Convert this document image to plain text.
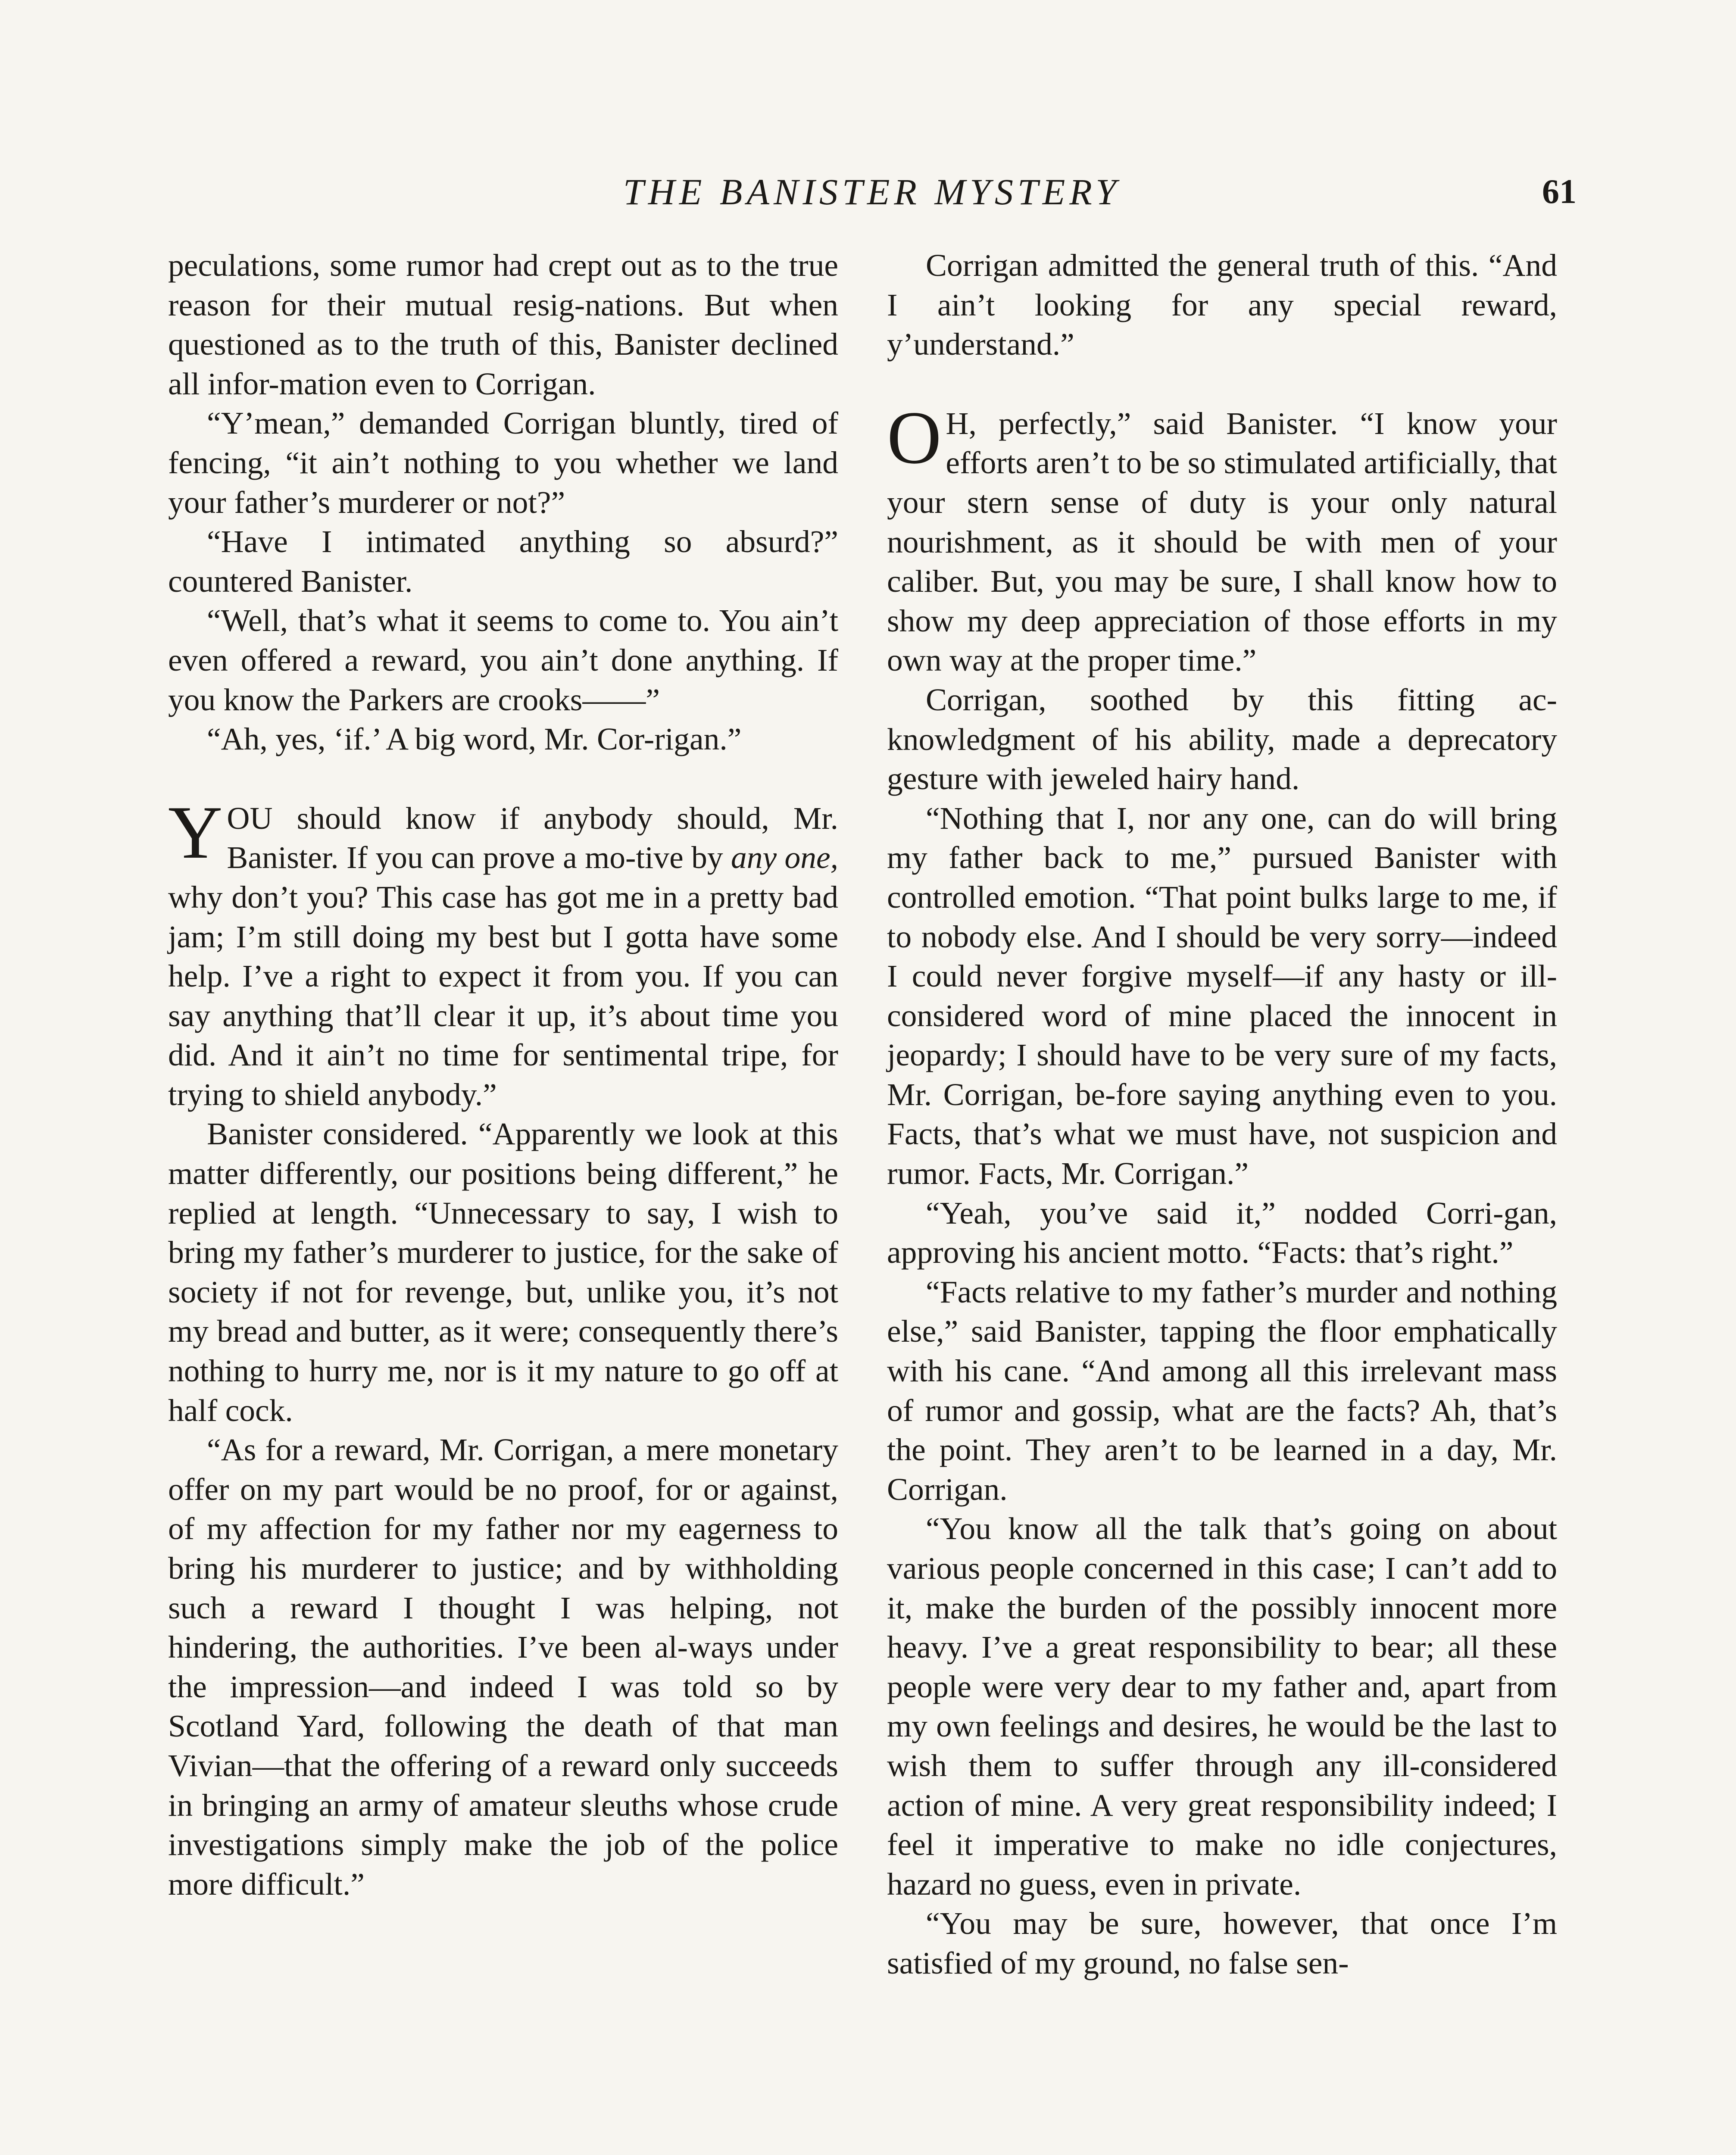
THE BANISTER MYSTERY	61

peculations, some rumor had crept out as to the true reason for their mutual resig-nations. But when questioned as to the truth of this, Banister declined all infor-mation even to Corrigan.

“Y’mean,” demanded Corrigan bluntly, tired of fencing, “it ain’t nothing to you whether we land your father’s murderer or not?”

“Have I intimated anything so absurd?” countered Banister.

“Well, that’s what it seems to come to. You ain’t even offered a reward, you ain’t done anything. If you know the Parkers are crooks——”

“Ah, yes, ‘if.’ A big word, Mr. Cor-rigan.”

YOU should know if anybody should, Mr. Banister. If you can prove a mo-tive by any one, why don’t you? This case has got me in a pretty bad jam; I’m still doing my best but I gotta have some help. I’ve a right to expect it from you. If you can say anything that’ll clear it up, it’s about time you did. And it ain’t no time for sentimental tripe, for trying to shield anybody.”

Banister considered. “Apparently we look at this matter differently, our positions being different,” he replied at length. “Unnecessary to say, I wish to bring my father’s murderer to justice, for the sake of society if not for revenge, but, unlike you, it’s not my bread and butter, as it were; consequently there’s nothing to hurry me, nor is it my nature to go off at half cock.

“As for a reward, Mr. Corrigan, a mere monetary offer on my part would be no proof, for or against, of my affection for my father nor my eagerness to bring his murderer to justice; and by withholding such a reward I thought I was helping, not hindering, the authorities. I’ve been al-ways under the impression—and indeed I was told so by Scotland Yard, following the death of that man Vivian—that the offering of a reward only succeeds in bringing an army of amateur sleuths whose crude investigations simply make the job of the police more difficult.”

Corrigan admitted the general truth of this. “And I ain’t looking for any special reward, y’understand.”

O H, perfectly,” said Banister. “I know your efforts aren’t to be so stimulated artificially, that your stern sense of duty is your only natural nourishment, as it should be with men of your caliber. But, you may be sure, I shall know how to show my deep appreciation of those efforts in my own way at the proper time.”

Corrigan, soothed by this fitting ac-knowledgment of his ability, made a deprecatory gesture with jeweled hairy hand.

“Nothing that I, nor any one, can do will bring my father back to me,” pursued Banister with controlled emotion. “That point bulks large to me, if to nobody else. And I should be very sorry—indeed I could never forgive myself—if any hasty or ill-considered word of mine placed the innocent in jeopardy; I should have to be very sure of my facts, Mr. Corrigan, be-fore saying anything even to you. Facts, that’s what we must have, not suspicion and rumor. Facts, Mr. Corrigan.”

“Yeah, you’ve said it,” nodded Corri-gan, approving his ancient motto. “Facts: that’s right.”

“Facts relative to my father’s murder and nothing else,” said Banister, tapping the floor emphatically with his cane. “And among all this irrelevant mass of rumor and gossip, what are the facts? Ah, that’s the point. They aren’t to be learned in a day, Mr. Corrigan.

“You know all the talk that’s going on about various people concerned in this case; I can’t add to it, make the burden of the possibly innocent more heavy. I’ve a great responsibility to bear; all these people were very dear to my father and, apart from my own feelings and desires, he would be the last to wish them to suffer through any ill-considered action of mine. A very great responsibility indeed; I feel it imperative to make no idle conjectures, hazard no guess, even in private.

“You may be sure, however, that once I’m satisfied of my ground, no false sen-
